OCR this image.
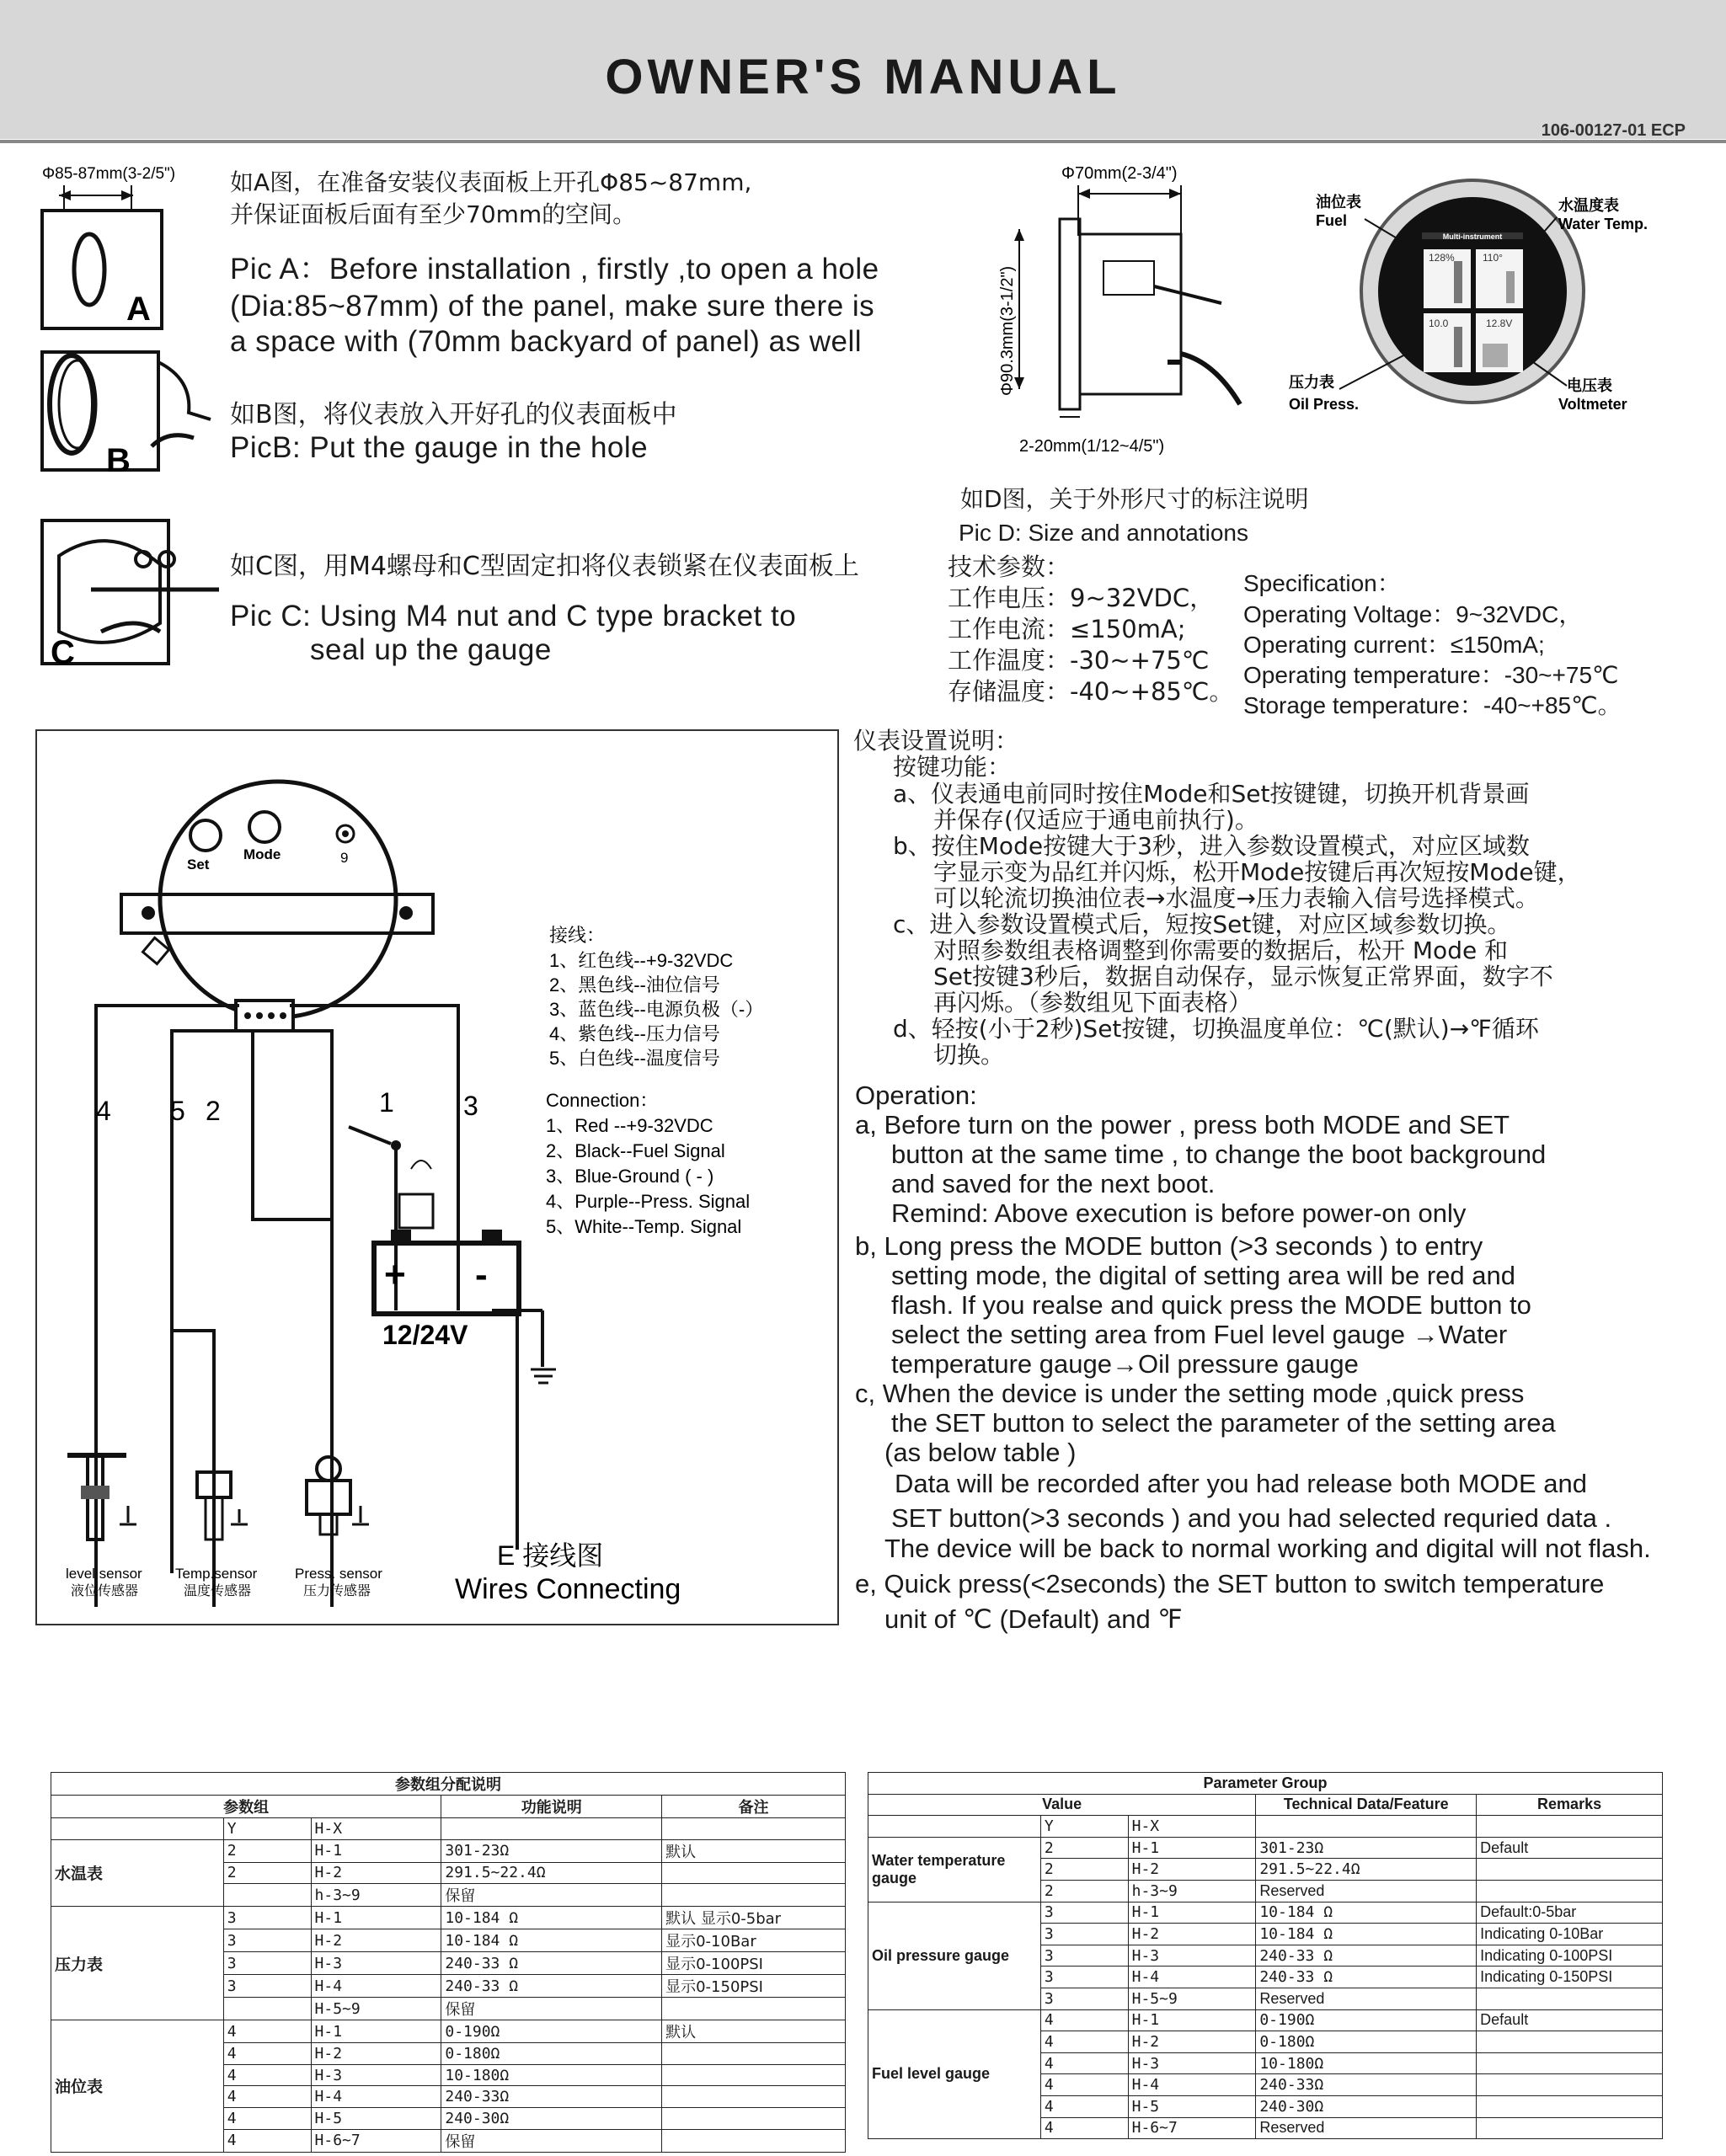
OWNER'S MANUAL
106-00127-01 ECP
Φ85-87mm(3-2/5")
A
B
C
如A图，在准备安装仪表面板上开孔Φ85~87mm,
并保证面板后面有至少70mm的空间。
Pic A：Before installation , firstly ,to open a hole
(Dia:85~87mm) of the panel, make sure there is
a space with (70mm backyard of panel) as well
如B图，将仪表放入开好孔的仪表面板中
PicB: Put the gauge in the hole
如C图，用M4螺母和C型固定扣将仪表锁紧在仪表面板上
Pic C: Using M4 nut and C type bracket to
seal up the gauge
Φ70mm(2-3/4")
Φ90.3mm(3-1/2")
2-20mm(1/12~4/5")
Multi-instrument
128%	110°
10.0	12.8V
油位表
Fuel
水温度表
Water Temp.
压力表
Oil Press.
电压表
Voltmeter
如D图，关于外形尺寸的标注说明
Pic D: Size and annotations
技术参数：
工作电压：9~32VDC，
工作电流：≤150mA;
工作温度：-30~+75℃
存储温度：-40~+85℃。
Specification：
Operating Voltage：9~32VDC，
Operating current：≤150mA;
Operating temperature：-30~+75℃
Storage temperature：-40~+85℃。
Set
Mode	9
+ -
12/24V
4 5 2	1	3
接线：
1、红色线--+9-32VDC
2、黑色线--油位信号
3、蓝色线--电源负极（-）
4、紫色线--压力信号
5、白色线--温度信号
Connection：
1、Red --+9-32VDC
2、Black--Fuel Signal
3、Blue-Ground ( - )
4、Purple--Press. Signal
5、White--Temp. Signal
level sensor
液位传感器
Temp.sensor
温度传感器
Press. sensor
压力传感器
E 接线图
Wires Connecting
仪表设置说明：
按键功能：
a、仪表通电前同时按住Mode和Set按键键，切换开机背景画
并保存(仅适应于通电前执行)。
b、按住Mode按键大于3秒，进入参数设置模式，对应区域数
字显示变为品红并闪烁，松开Mode按键后再次短按Mode键，
可以轮流切换油位表→水温度→压力表输入信号选择模式。
c、进入参数设置模式后，短按Set键，对应区域参数切换。
对照参数组表格调整到你需要的数据后，松开 Mode 和
Set按键3秒后，数据自动保存，显示恢复正常界面，数字不
再闪烁。（参数组见下面表格）
d、轻按(小于2秒)Set按键，切换温度单位：℃(默认)→℉循环
切换。
Operation:
a, Before turn on the power , press both MODE and SET
button at the same time , to change the boot background
and saved for the next boot.
Remind: Above execution is before power-on only
b, Long press the MODE button (>3 seconds ) to entry
setting mode, the digital of setting area will be red and
flash. If you realse and quick press the MODE button to
select the setting area from Fuel level gauge →Water
temperature gauge→Oil pressure gauge
c, When the device is under the setting mode ,quick press
the SET button to select the parameter of the setting area
(as below table )
Data will be recorded after you had release both MODE and
SET button(>3 seconds ) and you had selected requried data .
The device will be back to normal working and digital will not flash.
e, Quick press(<2seconds) the SET button to switch temperature
unit of ℃ (Default) and ℉
参数组分配说明				
参数组			功能说明	备注
	Y	H-X		
水温表	2	H-1	301-23Ω	默认
	2	H-2	291.5~22.4Ω	
		h-3~9	保留	
压力表	3	H-1	10-184 Ω	默认 显示0-5bar
	3	H-2	10-184 Ω	显示0-10Bar
	3	H-3	240-33 Ω	显示0-100PSI
	3	H-4	240-33 Ω	显示0-150PSI
		H-5~9	保留	
油位表	4	H-1	0-190Ω	默认
	4	H-2	0-180Ω	
	4	H-3	10-180Ω	
	4	H-4	240-33Ω	
	4	H-5	240-30Ω	
	4	H-6~7	保留	
Parameter Group				
Value			Technical Data/Feature	Remarks
	Y	H-X		

Water temperature
gauge	2	H-1	301-23Ω	Default
	2	H-2	291.5~22.4Ω	
	2	h-3~9	Reserved	

Oil pressure gauge	3	H-1	10-184 Ω	Default:0-5bar
	3	H-2	10-184 Ω	Indicating 0-10Bar
	3	H-3	240-33 Ω	Indicating 0-100PSI
	3	H-4	240-33 Ω	Indicating 0-150PSI
	3	H-5~9	Reserved	

Fuel level gauge	4	H-1	0-190Ω	Default
	4	H-2	0-180Ω	
	4	H-3	10-180Ω	
	4	H-4	240-33Ω	
	4	H-5	240-30Ω	
	4	H-6~7	Reserved	
